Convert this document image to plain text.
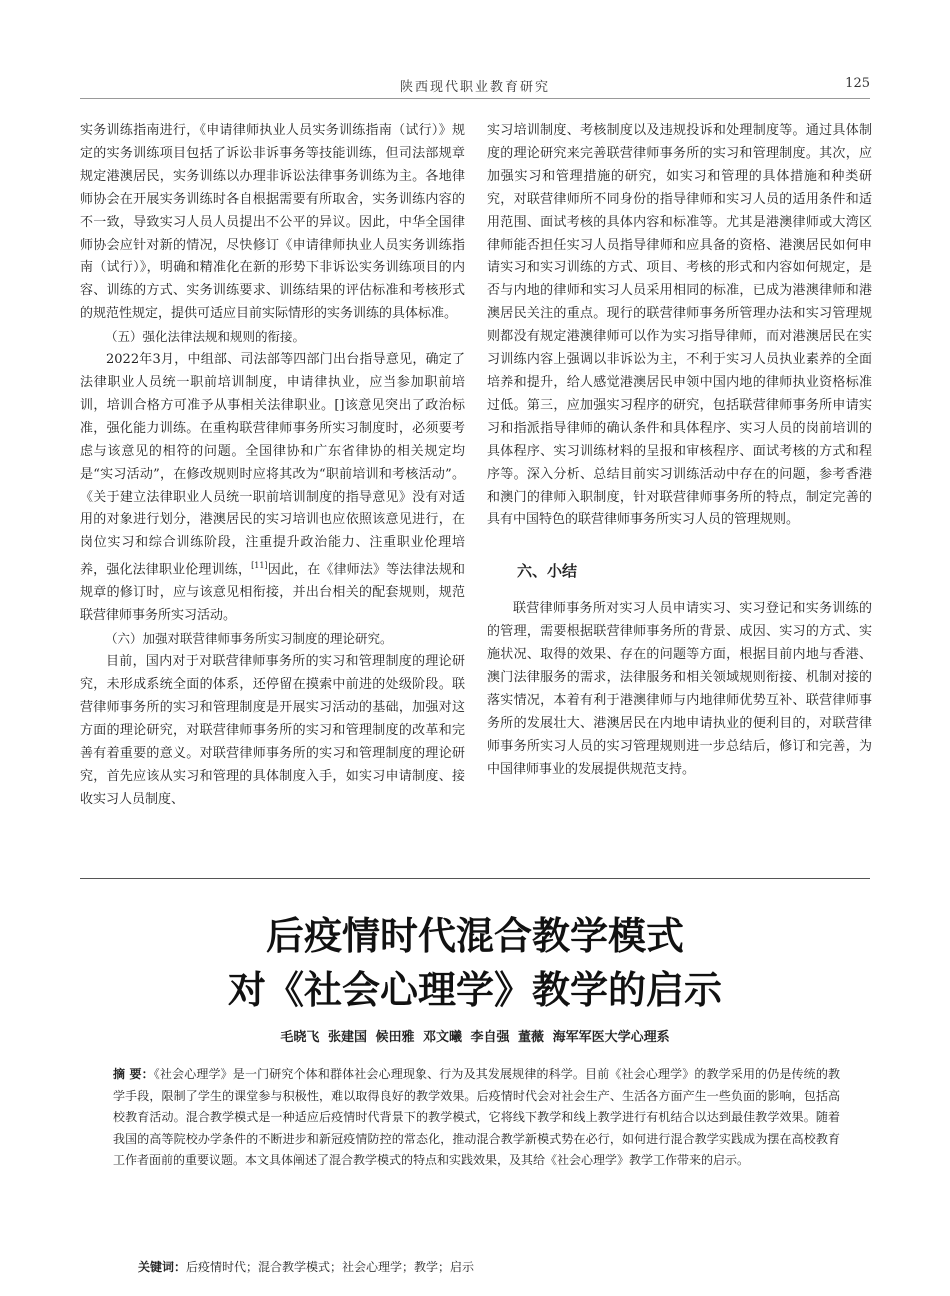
陕西现代职业教育研究	125

实务训练指南进行，《申请律师执业人员实务训练指南（试行）》规定的实务训练项目包括了诉讼非诉事务等技能训练，但司法部规章规定港澳居民，实务训练以办理非诉讼法律事务训练为主。各地律师协会在开展实务训练时各自根据需要有所取舍，实务训练内容的不一致，导致实习人员人员提出不公平的异议。因此，中华全国律师协会应针对新的情况，尽快修订《申请律师执业人员实务训练指南（试行）》，明确和精准化在新的形势下非诉讼实务训练项目的内容、训练的方式、实务训练要求、训练结果的评估标准和考核形式的规范性规定，提供可适应目前实际情形的实务训练的具体标准。

（五）强化法律法规和规则的衔接。

2022年3月，中组部、司法部等四部门出台指导意见，确定了法律职业人员统一职前培训制度，申请律执业，应当参加职前培训，培训合格方可准予从事相关法律职业。[]该意见突出了政治标准，强化能力训练。在重构联营律师事务所实习制度时，必须要考虑与该意见的相符的问题。全国律协和广东省律协的相关规定均是“实习活动”，在修改规则时应将其改为“职前培训和考核活动”。《关于建立法律职业人员统一职前培训制度的指导意见》没有对适用的对象进行划分，港澳居民的实习培训也应依照该意见进行，在岗位实习和综合训练阶段，注重提升政治能力、注重职业伦理培养，强化法律职业伦理训练，[11]因此，在《律师法》等法律法规和规章的修订时，应与该意见相衔接，并出台相关的配套规则，规范联营律师事务所实习活动。

（六）加强对联营律师事务所实习制度的理论研究。

目前，国内对于对联营律师事务所的实习和管理制度的理论研究，未形成系统全面的体系，还停留在摸索中前进的处级阶段。联营律师事务所的实习和管理制度是开展实习活动的基础，加强对这方面的理论研究，对联营律师事务所的实习和管理制度的改革和完善有着重要的意义。对联营律师事务所的实习和管理制度的理论研究，首先应该从实习和管理的具体制度入手，如实习申请制度、接收实习人员制度、

实习培训制度、考核制度以及违规投诉和处理制度等。通过具体制度的理论研究来完善联营律师事务所的实习和管理制度。其次，应加强实习和管理措施的研究，如实习和管理的具体措施和种类研究，对联营律师所不同身份的指导律师和实习人员的适用条件和适用范围、面试考核的具体内容和标准等。尤其是港澳律师或大湾区律师能否担任实习人员指导律师和应具备的资格、港澳居民如何申请实习和实习训练的方式、项目、考核的形式和内容如何规定，是否与内地的律师和实习人员采用相同的标准，已成为港澳律师和港澳居民关注的重点。现行的联营律师事务所管理办法和实习管理规则都没有规定港澳律师可以作为实习指导律师，而对港澳居民在实习训练内容上强调以非诉讼为主，不利于实习人员执业素养的全面培养和提升，给人感觉港澳居民申领中国内地的律师执业资格标准过低。第三，应加强实习程序的研究，包括联营律师事务所申请实习和指派指导律师的确认条件和具体程序、实习人员的岗前培训的具体程序、实习训练材料的呈报和审核程序、面试考核的方式和程序等。深入分析、总结目前实习训练活动中存在的问题，参考香港和澳门的律师入职制度，针对联营律师事务所的特点，制定完善的具有中国特色的联营律师事务所实习人员的管理规则。

六、小结

联营律师事务所对实习人员申请实习、实习登记和实务训练的的管理，需要根据联营律师事务所的背景、成因、实习的方式、实施状况、取得的效果、存在的问题等方面，根据目前内地与香港、澳门法律服务的需求，法律服务和相关领域规则衔接、机制对接的落实情况，本着有利于港澳律师与内地律师优势互补、联营律师事务所的发展壮大、港澳居民在内地申请执业的便利目的，对联营律师事务所实习人员的实习管理规则进一步总结后，修订和完善，为中国律师事业的发展提供规范支持。

后疫情时代混合教学模式
对《社会心理学》教学的启示
毛晓飞 张建国 候田雅 邓文曦 李自强 董薇 海军军医大学心理系
摘 要：《社会心理学》是一门研究个体和群体社会心理现象、行为及其发展规律的科学。目前《社会心理学》的教学采用的仍是传统的教学手段，限制了学生的课堂参与积极性，难以取得良好的教学效果。后疫情时代会对社会生产、生活各方面产生一些负面的影响，包括高校教育活动。混合教学模式是一种适应后疫情时代背景下的教学模式，它将线下教学和线上教学进行有机结合以达到最佳教学效果。随着我国的高等院校办学条件的不断进步和新冠疫情防控的常态化，推动混合教学新模式势在必行，如何进行混合教学实践成为摆在高校教育工作者面前的重要议题。本文具体阐述了混合教学模式的特点和实践效果，及其给《社会心理学》教学工作带来的启示。
关键词：后疫情时代；混合教学模式；社会心理学；教学；启示
